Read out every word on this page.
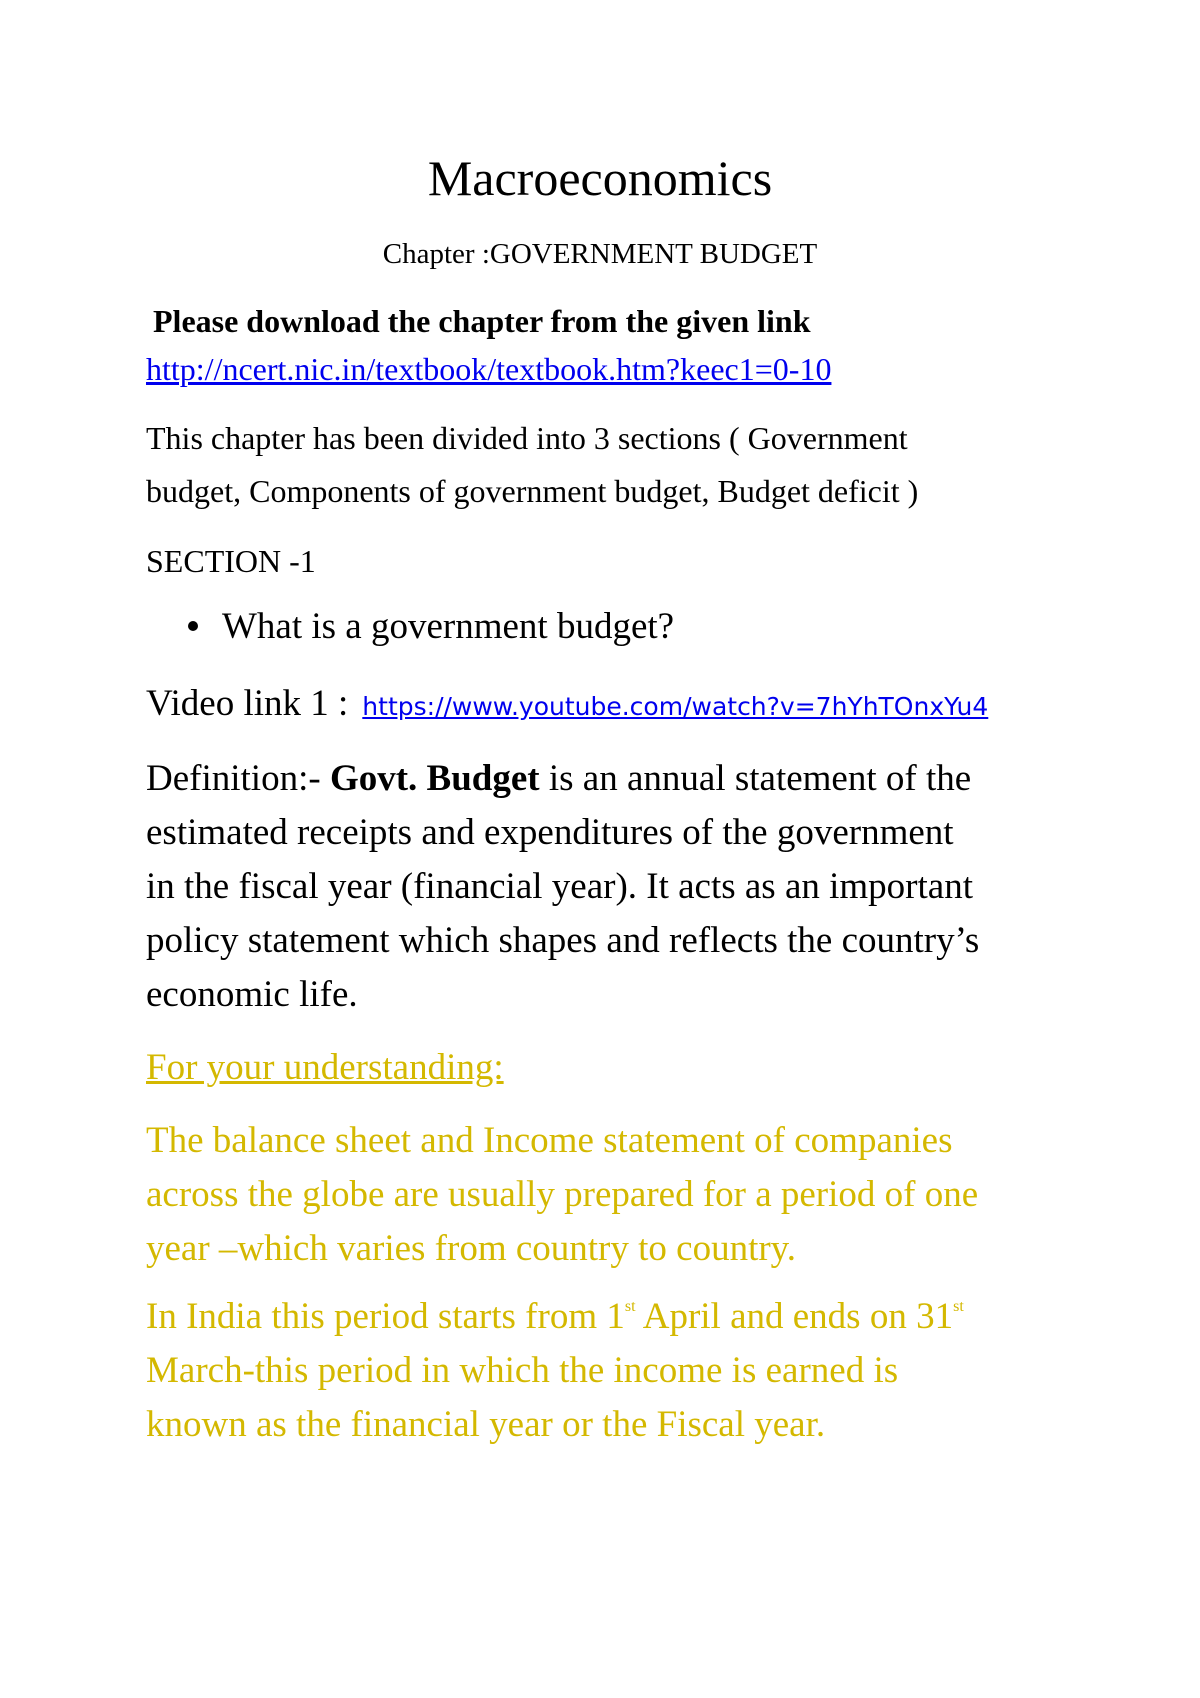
Macroeconomics

Chapter :GOVERNMENT BUDGET

Please download the chapter from the given link

http://ncert.nic.in/textbook/textbook.htm?keec1=0-10

This chapter has been divided into 3 sections ( Government
budget, Components of government budget, Budget deficit )

SECTION -1

What is a government budget?
Video link 1 : https://www.youtube.com/watch?v=7hYhTOnxYu4
Definition:- Govt. Budget is an annual statement of the
estimated receipts and expenditures of the government
in the fiscal year (financial year). It acts as an important
policy statement which shapes and reflects the country’s
economic life.

For your understanding:

The balance sheet and Income statement of companies
across the globe are usually prepared for a period of one
year –which varies from country to country.
In India this period starts from 1st April and ends on 31st
March-this period in which the income is earned is
known as the financial year or the Fiscal year.
